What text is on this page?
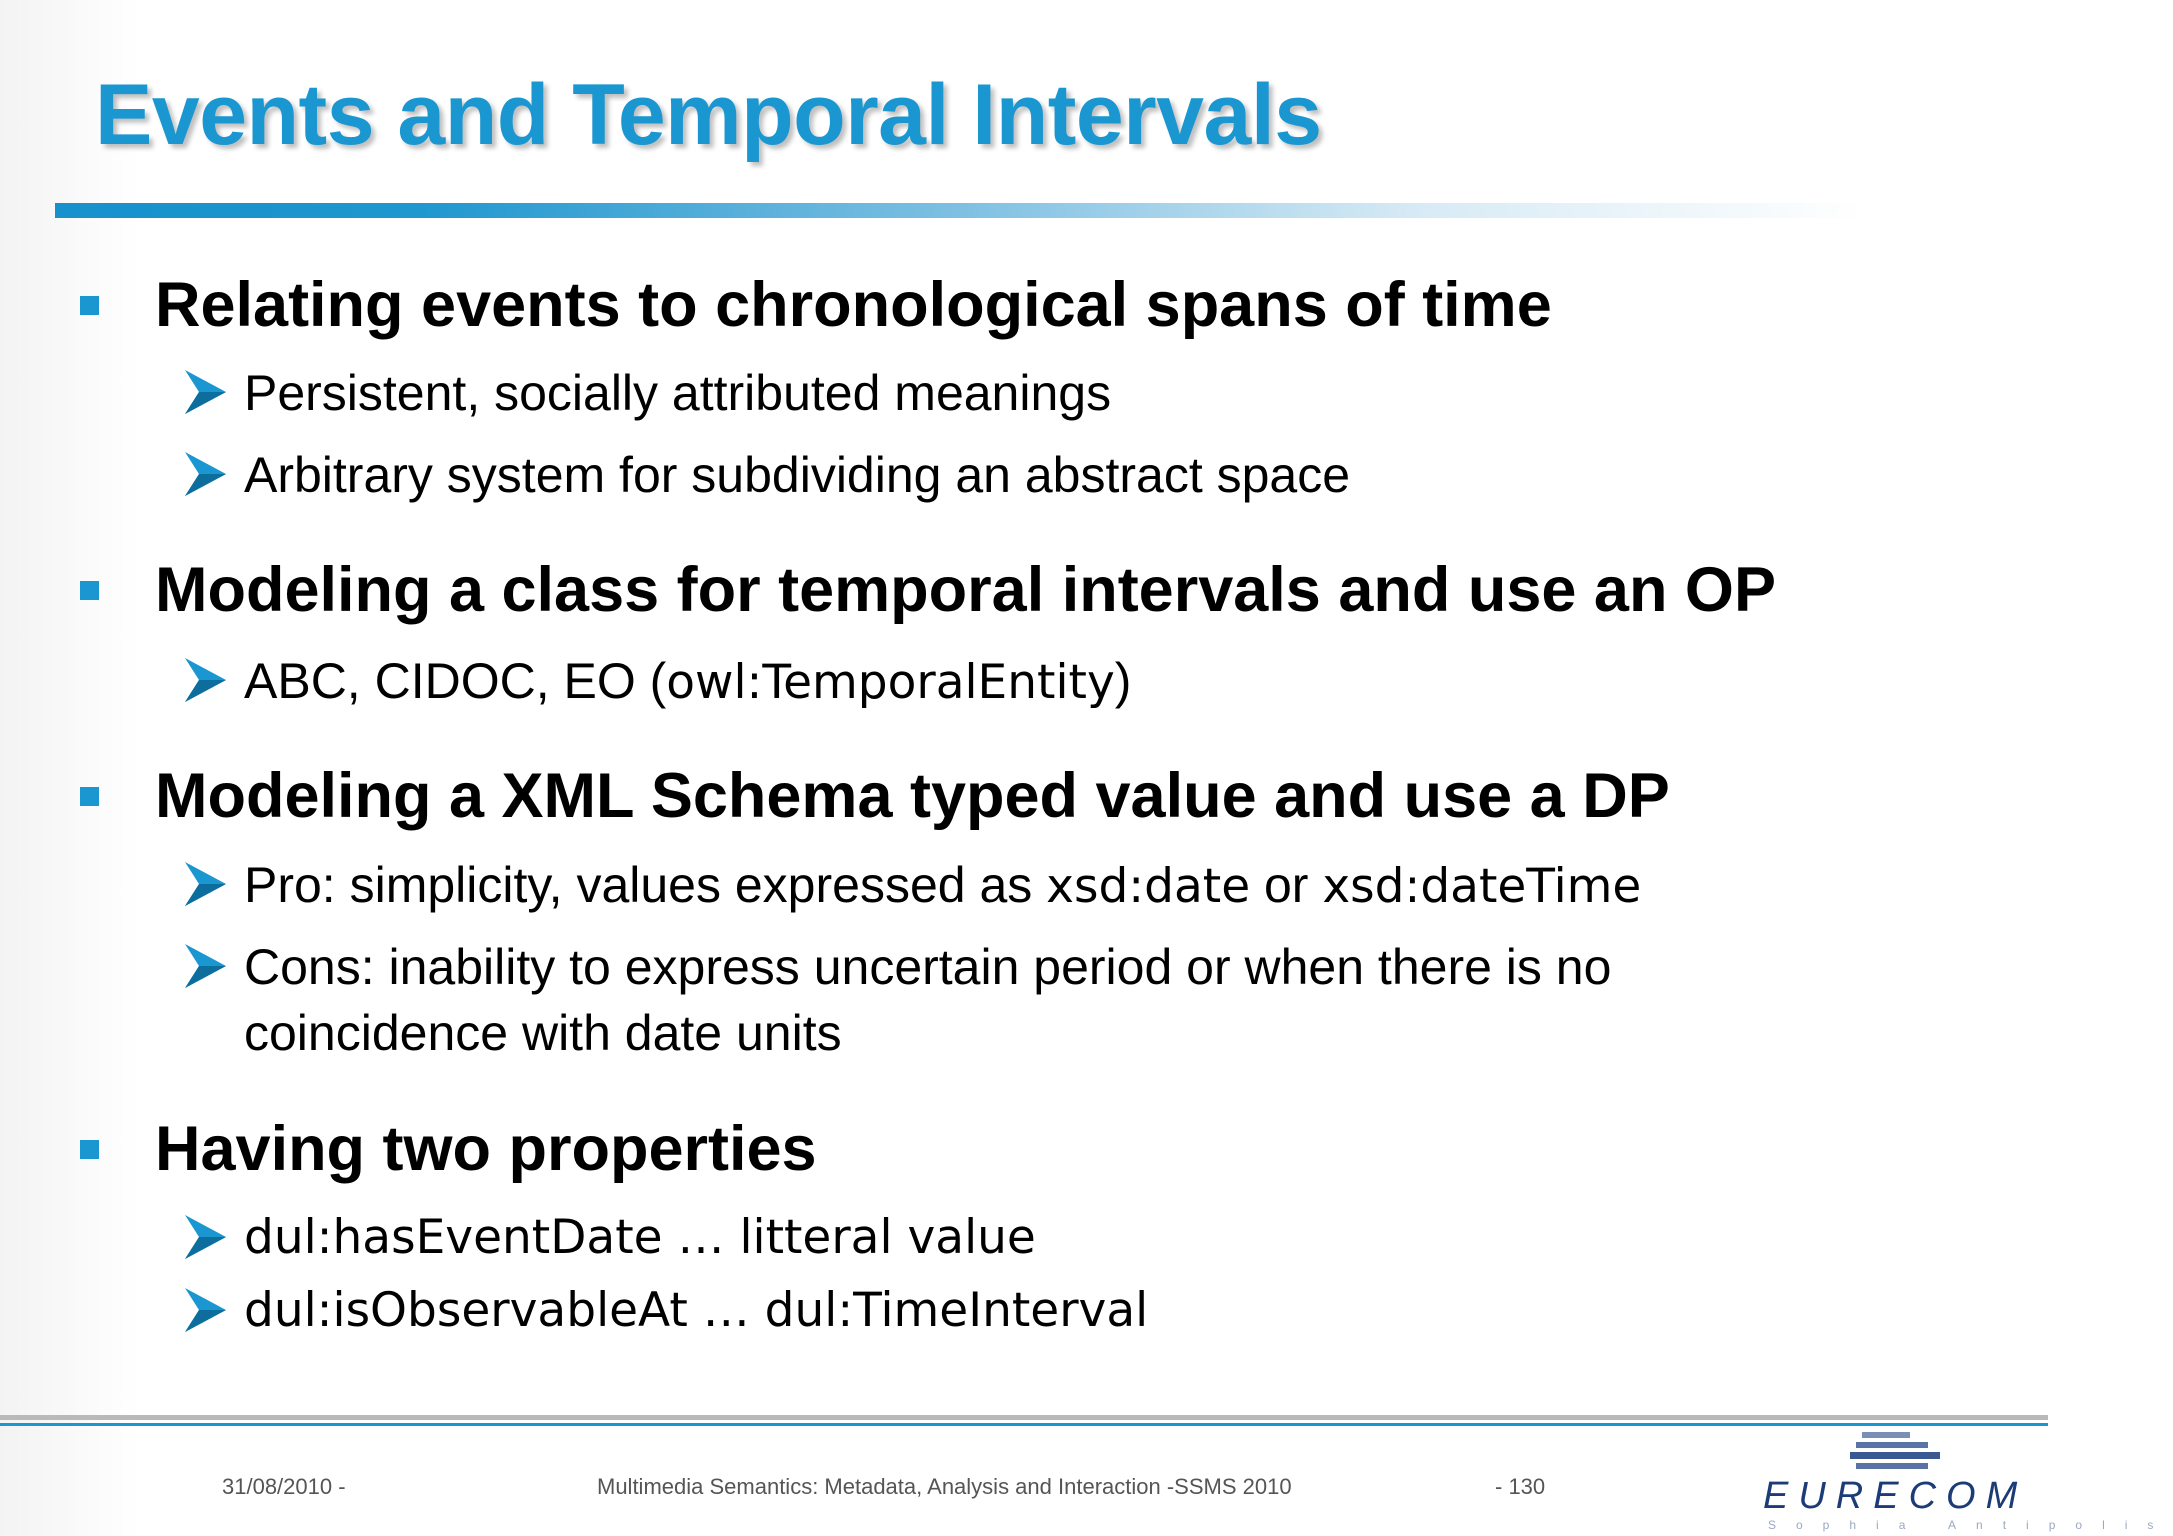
Events and Temporal Intervals
Relating events to chronological spans of time
Persistent, socially attributed meanings
Arbitrary system for subdividing an abstract space
Modeling a class for temporal intervals and use an OP
ABC, CIDOC, EO (owl:TemporalEntity)
Modeling a XML Schema typed value and use a DP
Pro: simplicity, values expressed as xsd:date or xsd:dateTime
Cons: inability to express uncertain period or when there is no
coincidence with date units
Having two properties
dul:hasEventDate … litteral value
dul:isObservableAt … dul:TimeInterval
31/08/2010 -	Multimedia Semantics: Metadata, Analysis and Interaction -SSMS 2010	- 130	EURECOM
Sophia Antipolis
